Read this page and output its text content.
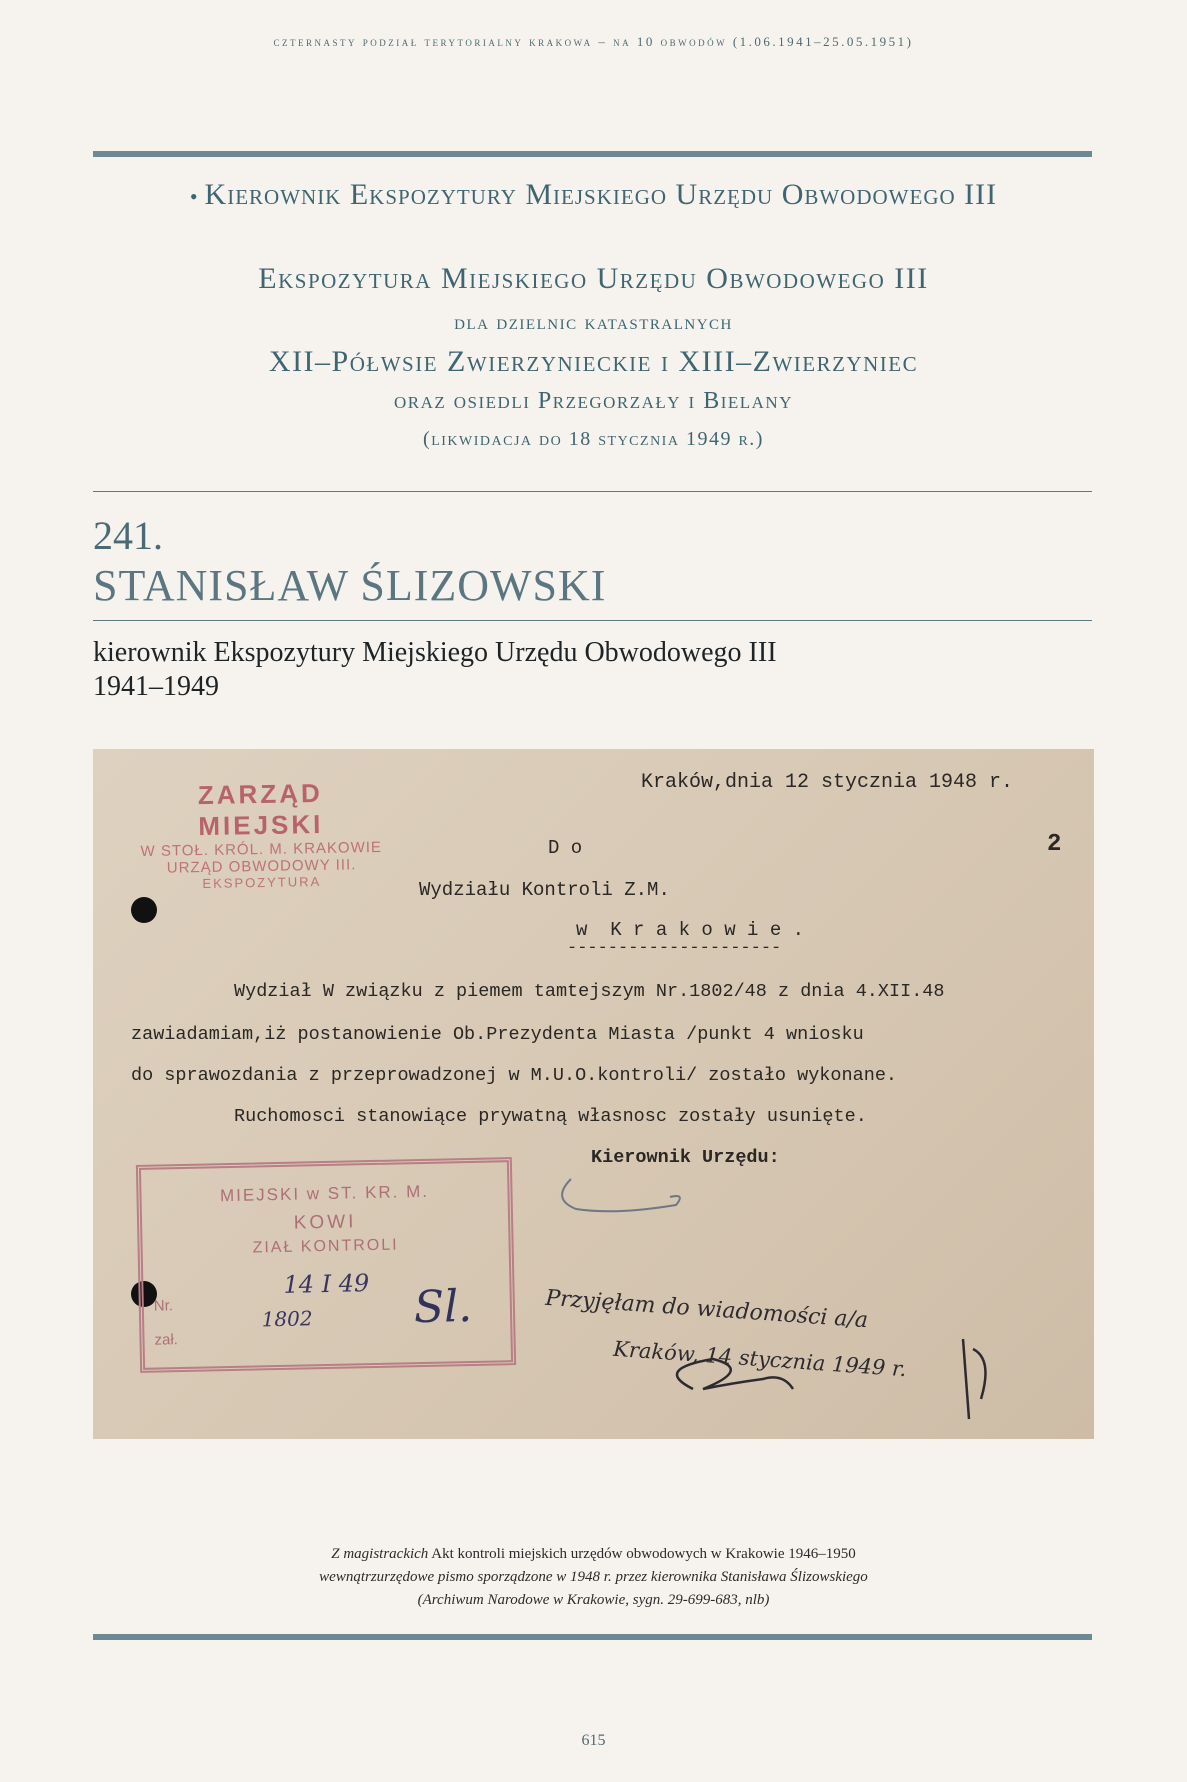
czternasty podział terytorialny krakowa – na 10 obwodów (1.06.1941–25.05.1951)
• Kierownik Ekspozytury Miejskiego Urzędu Obwodowego III
Ekspozytura Miejskiego Urzędu Obwodowego III
dla dzielnic katastralnych
XII–Półwsie Zwierzynieckie i XIII–Zwierzyniec
oraz osiedli Przegorzały i Bielany
(likwidacja do 18 stycznia 1949 r.)
241.
STANISŁAW ŚLIZOWSKI
kierownik Ekspozytury Miejskiego Urzędu Obwodowego III
1941–1949
ZARZĄD MIEJSKI
W STOŁ. KRÓL. M. KRAKOWIE
URZĄD OBWODOWY III.
EKSPOZYTURA
Kraków,dnia 12 stycznia 1948 r.
2
D o
Wydziału Kontroli Z.M.
w  K r a k o w i e .
---------------------
Wydział W związku z piemem tamtejszym Nr.1802/48 z dnia 4.XII.48
zawiadamiam,iż postanowienie Ob.Prezydenta Miasta /punkt 4 wniosku
do sprawozdania z przeprowadzonej w M.U.O.kontroli/ zostało wykonane.
Ruchomosci stanowiące prywatną własnosc zostały usunięte.
Kierownik Urzędu:
MIEJSKI w ST. KR. M.
KOWI
ZIAŁ KONTROLI
14 I 49
1802
Nr.
zał.
Sl.	Przyjęłam do wiadomości a/a
Kraków, 14 stycznia 1949 r.
Z magistrackich Akt kontroli miejskich urzędów obwodowych w Krakowie 1946–1950
wewnątrzurzędowe pismo sporządzone w 1948 r. przez kierownika Stanisława Ślizowskiego
(Archiwum Narodowe w Krakowie, sygn. 29-699-683, nlb)
615
